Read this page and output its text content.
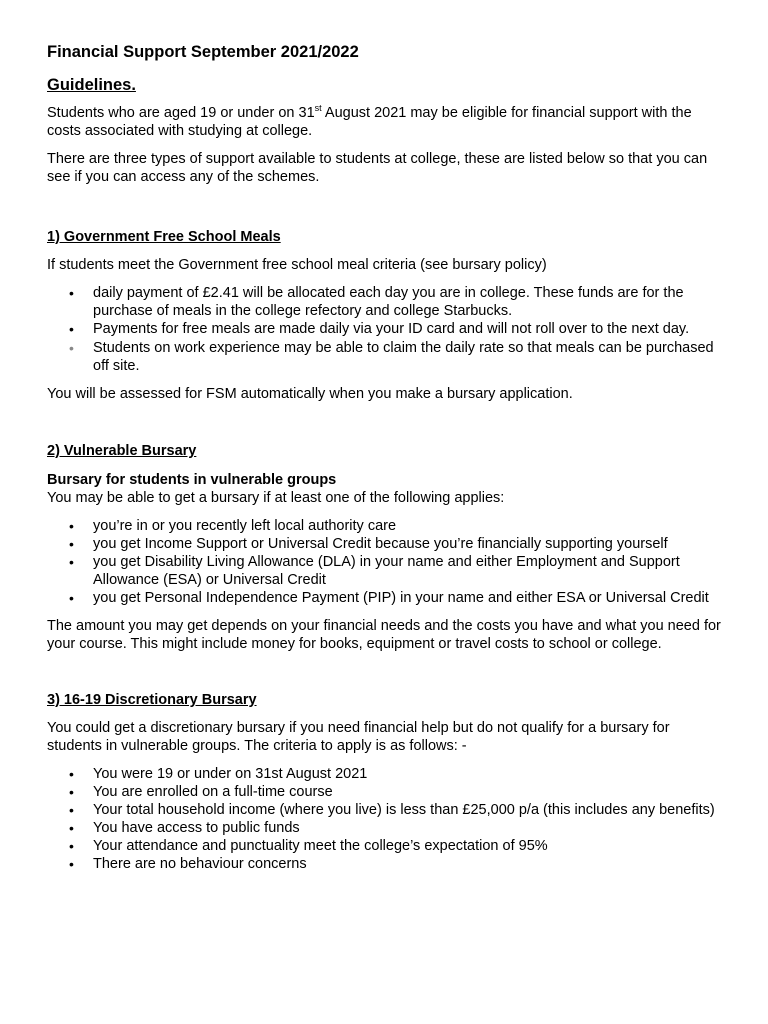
Financial Support September 2021/2022
Guidelines.

Students who are aged 19 or under on 31st August 2021 may be eligible for financial support with the costs associated with studying at college.

There are three types of support available to students at college, these are listed below so that you can see if you can access any of the schemes.

1) Government Free School Meals

If students meet the Government free school meal criteria (see bursary policy)

• daily payment of £2.41 will be allocated each day you are in college. These funds are for the purchase of meals in the college refectory and college Starbucks.
• Payments for free meals are made daily via your ID card and will not roll over to the next day.
• Students on work experience may be able to claim the daily rate so that meals can be purchased off site.

You will be assessed for FSM automatically when you make a bursary application.

2) Vulnerable Bursary
Bursary for students in vulnerable groups

You may be able to get a bursary if at least one of the following applies:

• you’re in or you recently left local authority care
• you get Income Support or Universal Credit because you’re financially supporting yourself
• you get Disability Living Allowance (DLA) in your name and either Employment and Support Allowance (ESA) or Universal Credit
• you get Personal Independence Payment (PIP) in your name and either ESA or Universal Credit

The amount you may get depends on your financial needs and the costs you have and what you need for your course. This might include money for books, equipment or travel costs to school or college.

3) 16-19 Discretionary Bursary

You could get a discretionary bursary if you need financial help but do not qualify for a bursary for students in vulnerable groups. The criteria to apply is as follows: -

• You were 19 or under on 31st August 2021
• You are enrolled on a full-time course
• Your total household income (where you live) is less than £25,000 p/a (this includes any benefits)
• You have access to public funds
• Your attendance and punctuality meet the college’s expectation of 95%
• There are no behaviour concerns
